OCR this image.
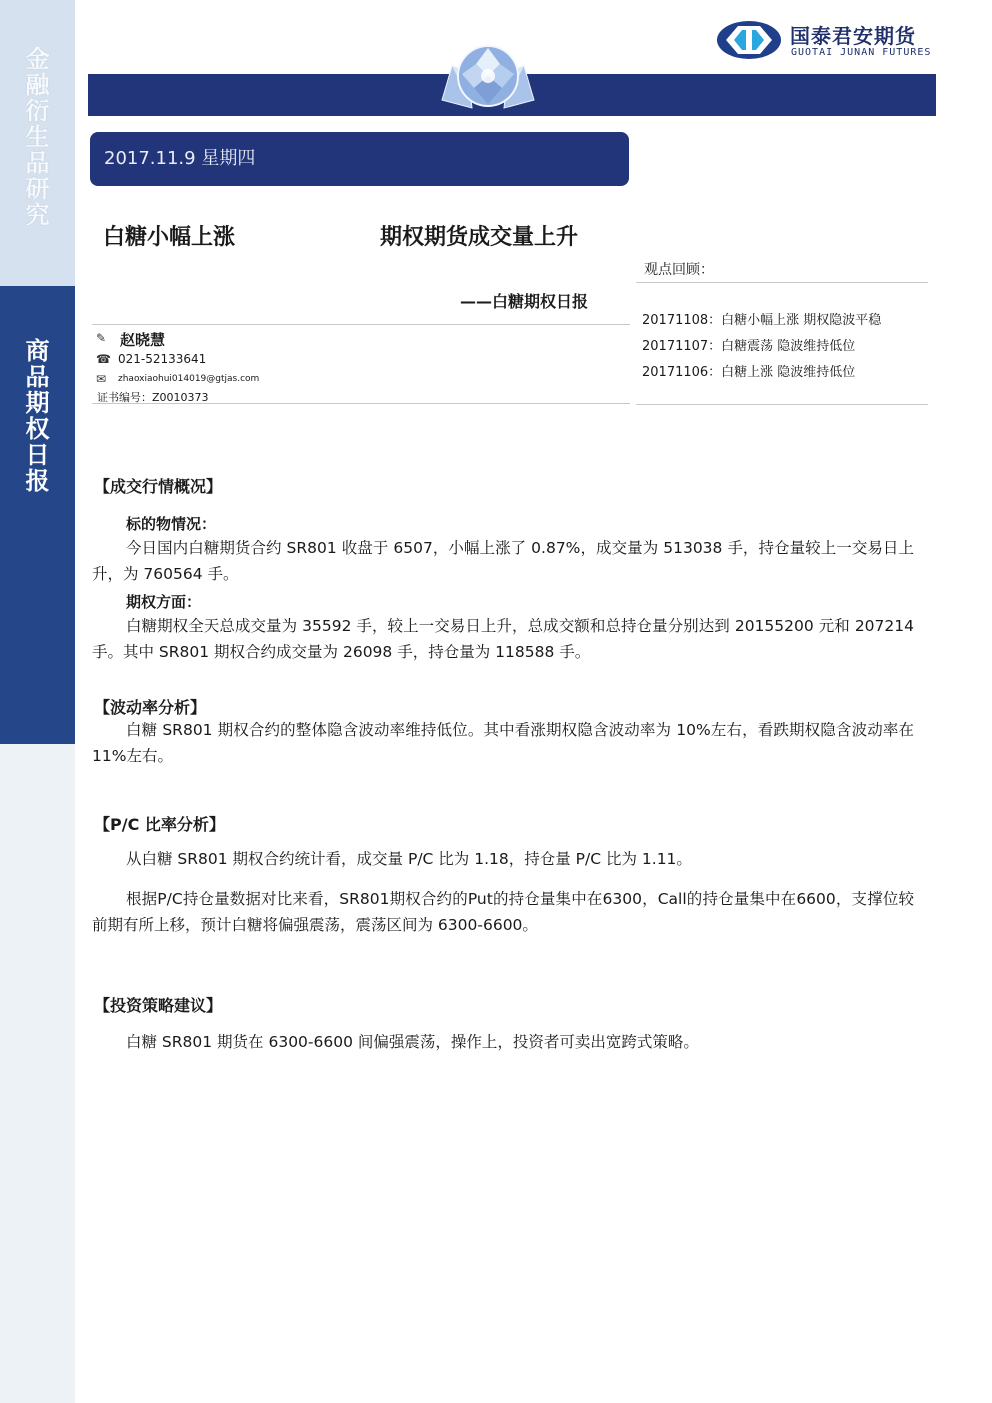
金
融
衍
生
品
研
究
商
品
期
权
日
报
国泰君安期货
GUOTAI JUNAN FUTURES
2017.11.9 星期四
白糖小幅上涨	期权期货成交量上升
——白糖期权日报
✎ 赵晓慧
☎ 021-52133641
✉	zhaoxiaohui014019@gtjas.com
证书编号：Z0010373
观点回顾：
20171108：白糖小幅上涨 期权隐波平稳
20171107：白糖震荡 隐波维持低位
20171106：白糖上涨 隐波维持低位
【成交行情概况】
标的物情况：
今日国内白糖期货合约 SR801 收盘于 6507，小幅上涨了 0.87%，成交量为 513038 手，持仓量较上一交易日上升，为 760564 手。
期权方面：
白糖期权全天总成交量为 35592 手，较上一交易日上升，总成交额和总持仓量分别达到 20155200 元和 207214 手。其中 SR801 期权合约成交量为 26098 手，持仓量为 118588 手。
【波动率分析】
白糖 SR801 期权合约的整体隐含波动率维持低位。其中看涨期权隐含波动率为 10%左右，看跌期权隐含波动率在 11%左右。
【P/C 比率分析】
从白糖 SR801 期权合约统计看，成交量 P/C 比为 1.18，持仓量 P/C 比为 1.11。
根据P/C持仓量数据对比来看，SR801期权合约的Put的持仓量集中在6300，Call的持仓量集中在6600，支撑位较前期有所上移，预计白糖将偏强震荡，震荡区间为 6300-6600。
【投资策略建议】
白糖 SR801 期货在 6300-6600 间偏强震荡，操作上，投资者可卖出宽跨式策略。
